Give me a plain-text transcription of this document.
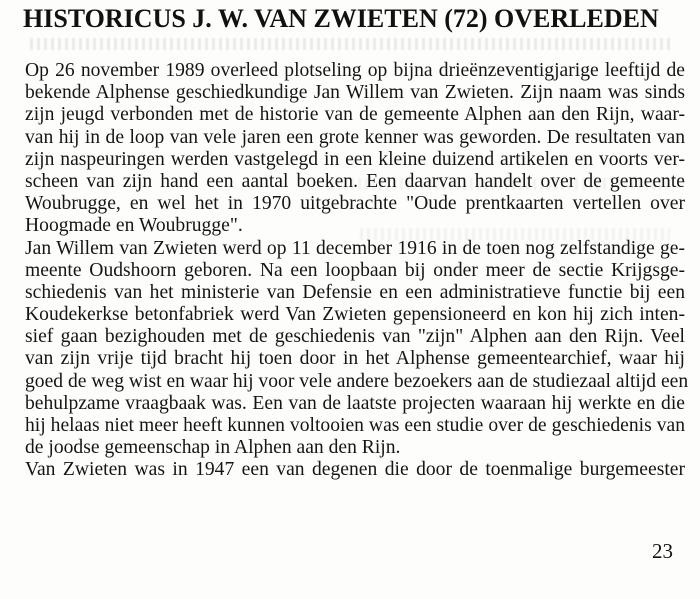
HISTORICUS J. W. VAN ZWIETEN (72) OVERLEDEN
Op 26 november 1989 overleed plotseling op bijna drieënzeventigjarige leeftijd de
bekende Alphense geschiedkundige Jan Willem van Zwieten. Zijn naam was sinds
zijn jeugd verbonden met de historie van de gemeente Alphen aan den Rijn, waar-
van hij in de loop van vele jaren een grote kenner was geworden. De resultaten van
zijn naspeuringen werden vastgelegd in een kleine duizend artikelen en voorts ver-
scheen van zijn hand een aantal boeken. Een daarvan handelt over de gemeente
Woubrugge, en wel het in 1970 uitgebrachte "Oude prentkaarten vertellen over
Hoogmade en Woubrugge".
Jan Willem van Zwieten werd op 11 december 1916 in de toen nog zelfstandige ge-
meente Oudshoorn geboren. Na een loopbaan bij onder meer de sectie Krijgsge-
schiedenis van het ministerie van Defensie en een administratieve functie bij een
Koudekerkse betonfabriek werd Van Zwieten gepensioneerd en kon hij zich inten-
sief gaan bezighouden met de geschiedenis van "zijn" Alphen aan den Rijn. Veel
van zijn vrije tijd bracht hij toen door in het Alphense gemeentearchief, waar hij
goed de weg wist en waar hij voor vele andere bezoekers aan de studiezaal altijd een
behulpzame vraagbaak was. Een van de laatste projecten waaraan hij werkte en die
hij helaas niet meer heeft kunnen voltooien was een studie over de geschiedenis van
de joodse gemeenschap in Alphen aan den Rijn.
Van Zwieten was in 1947 een van degenen die door de toenmalige burgemeester
23
